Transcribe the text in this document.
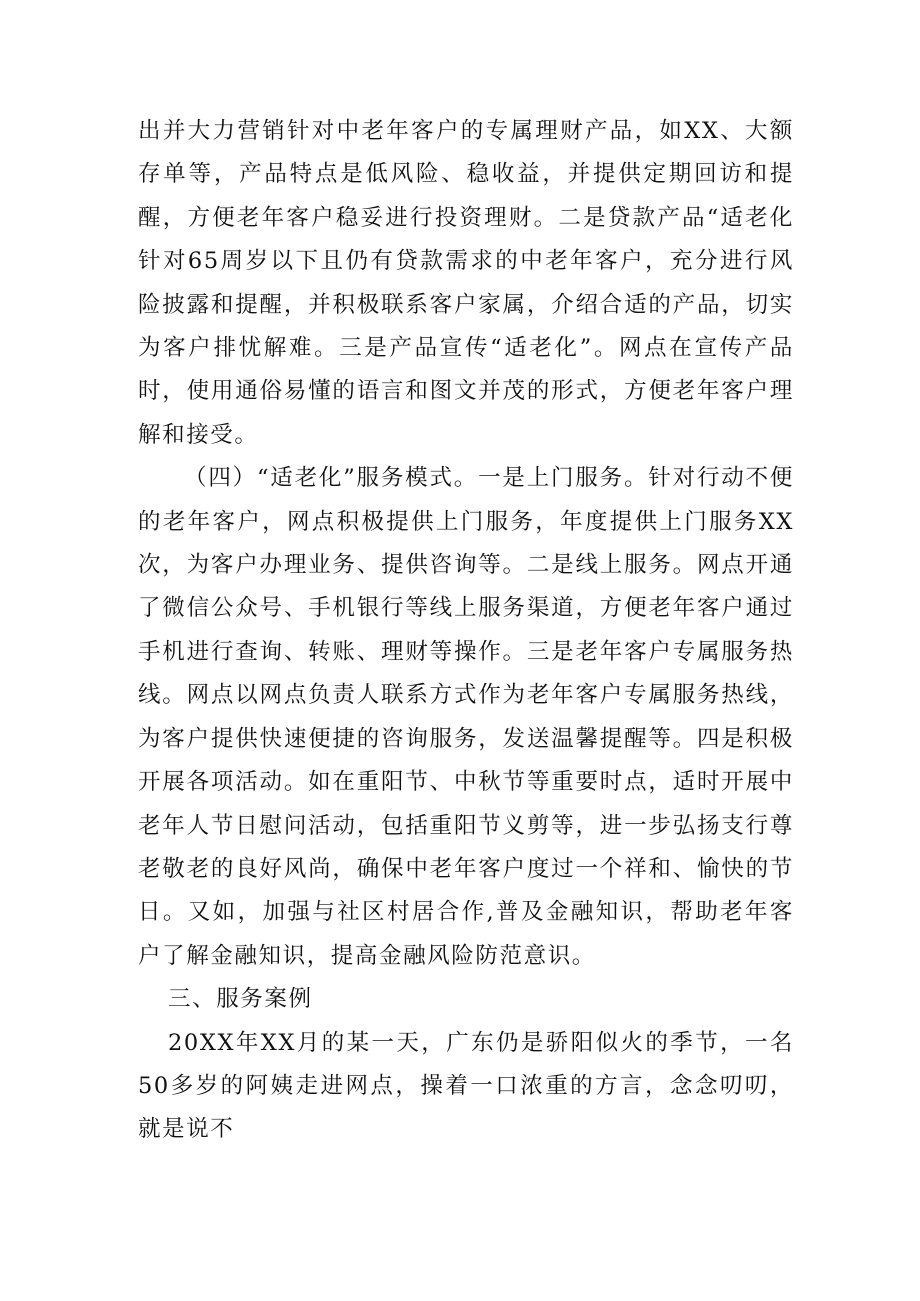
出并大力营销针对中老年客户的专属理财产品，如XX、大额存单等，产品特点是低风险、稳收益，并提供定期回访和提醒，方便老年客户稳妥进行投资理财。二是贷款产品“适老化针对65周岁以下且仍有贷款需求的中老年客户，充分进行风险披露和提醒，并积极联系客户家属，介绍合适的产品，切实为客户排忧解难。三是产品宣传“适老化”。网点在宣传产品时，使用通俗易懂的语言和图文并茂的形式，方便老年客户理解和接受。

（四）“适老化”服务模式。一是上门服务。针对行动不便的老年客户，网点积极提供上门服务，年度提供上门服务XX次，为客户办理业务、提供咨询等。二是线上服务。网点开通了微信公众号、手机银行等线上服务渠道，方便老年客户通过手机进行查询、转账、理财等操作。三是老年客户专属服务热线。网点以网点负责人联系方式作为老年客户专属服务热线，为客户提供快速便捷的咨询服务，发送温馨提醒等。四是积极开展各项活动。如在重阳节、中秋节等重要时点，适时开展中老年人节日慰问活动，包括重阳节义剪等，进一步弘扬支行尊老敬老的良好风尚，确保中老年客户度过一个祥和、愉快的节日。又如，加强与社区村居合作,普及金融知识，帮助老年客户了解金融知识，提高金融风险防范意识。

三、服务案例

20XX年XX月的某一天，广东仍是骄阳似火的季节，一名50多岁的阿姨走进网点，操着一口浓重的方言，念念叨叨，就是说不
